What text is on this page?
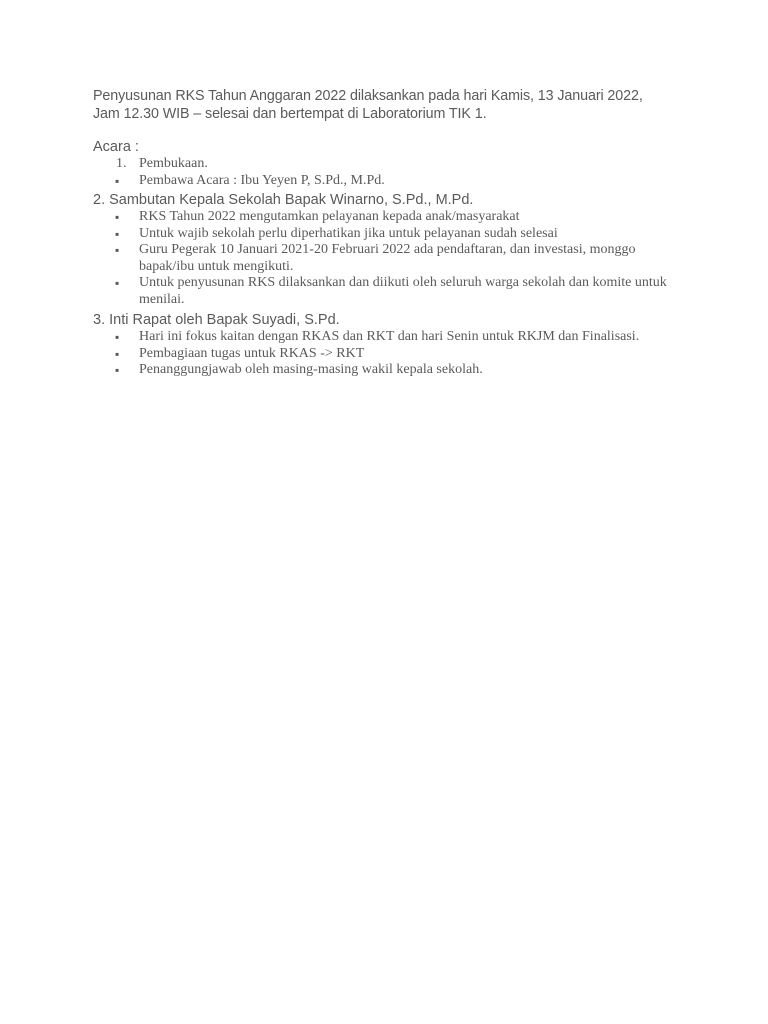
Penyusunan RKS Tahun Anggaran 2022 dilaksankan pada hari Kamis, 13 Januari 2022, Jam 12.30 WIB – selesai dan bertempat di Laboratorium TIK 1.

Acara :

1. Pembukaan.
▪ Pembawa Acara : Ibu Yeyen P, S.Pd., M.Pd.

2. Sambutan Kepala Sekolah Bapak Winarno, S.Pd., M.Pd.

▪ RKS Tahun 2022 mengutamkan pelayanan kepada anak/masyarakat
▪ Untuk wajib sekolah perlu diperhatikan jika untuk pelayanan sudah selesai
▪ Guru Pegerak 10 Januari 2021-20 Februari 2022 ada pendaftaran, dan investasi, monggo bapak/ibu untuk mengikuti.
▪ Untuk penyusunan RKS dilaksankan dan diikuti oleh seluruh warga sekolah dan komite untuk menilai.

3. Inti Rapat oleh Bapak Suyadi, S.Pd.

▪ Hari ini fokus kaitan dengan RKAS dan RKT dan hari Senin untuk RKJM dan Finalisasi.
▪ Pembagiaan tugas untuk RKAS -> RKT
▪ Penanggungjawab oleh masing-masing wakil kepala sekolah.
